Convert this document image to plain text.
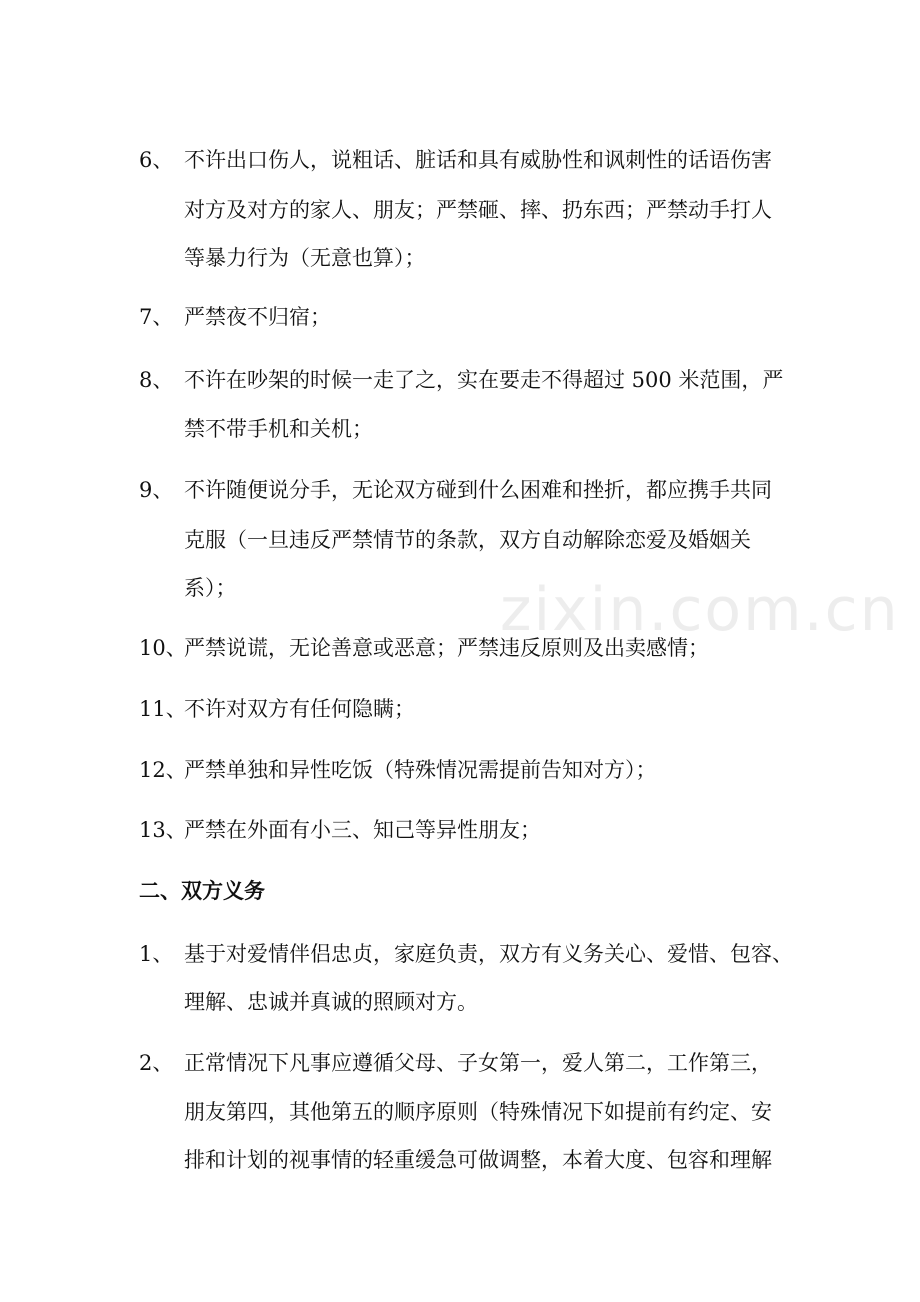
zixin.com.cn
6、 不许出口伤人，说粗话、脏话和具有威胁性和讽刺性的话语伤害
对方及对方的家人、朋友；严禁砸、摔、扔东西；严禁动手打人
等暴力行为（无意也算）；
7、 严禁夜不归宿；
8、 不许在吵架的时候一走了之，实在要走不得超过 500 米范围，严
禁不带手机和关机；
9、 不许随便说分手，无论双方碰到什么困难和挫折，都应携手共同
克服（一旦违反严禁情节的条款，双方自动解除恋爱及婚姻关
系）；
10、
严禁说谎，无论善意或恶意；严禁违反原则及出卖感情；
11、
不许对双方有任何隐瞒；
12、
严禁单独和异性吃饭（特殊情况需提前告知对方）；
13、
严禁在外面有小三、知己等异性朋友；
二、双方义务
1、 基于对爱情伴侣忠贞，家庭负责，双方有义务关心、爱惜、包容、
理解、忠诚并真诚的照顾对方。
2、 正常情况下凡事应遵循父母、子女第一，爱人第二，工作第三，
朋友第四，其他第五的顺序原则（特殊情况下如提前有约定、安
排和计划的视事情的轻重缓急可做调整，本着大度、包容和理解
